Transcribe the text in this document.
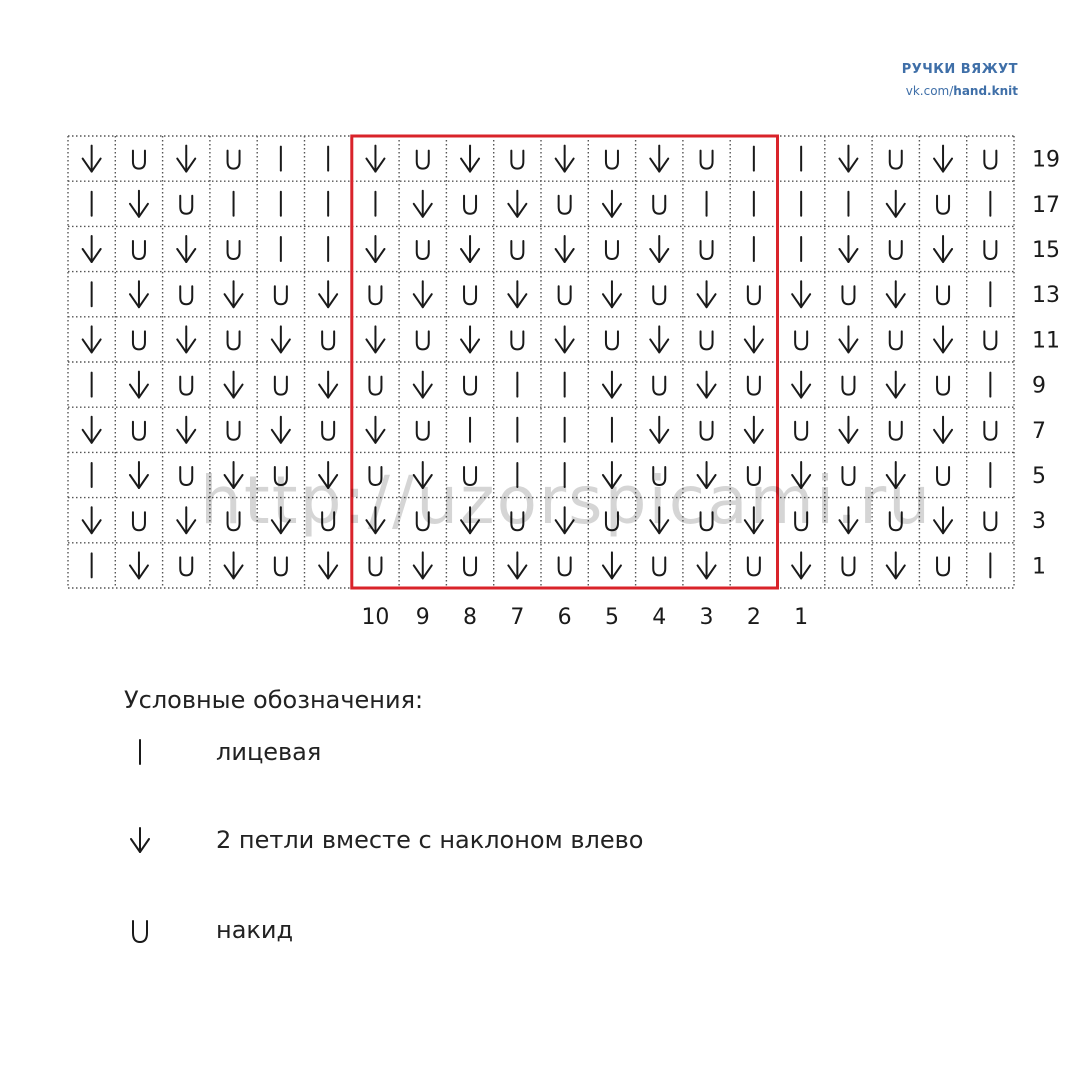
РУЧКИ ВЯЖУТ
vk.com/hand.knit
19
17
15
13
11
9
7
5
3
1
10 9 8 7 6 5 4 3 2 1

http://uzorspicami.ru

Условные обозначения:
лицевая
2 петли вместе с наклоном влево
накид
